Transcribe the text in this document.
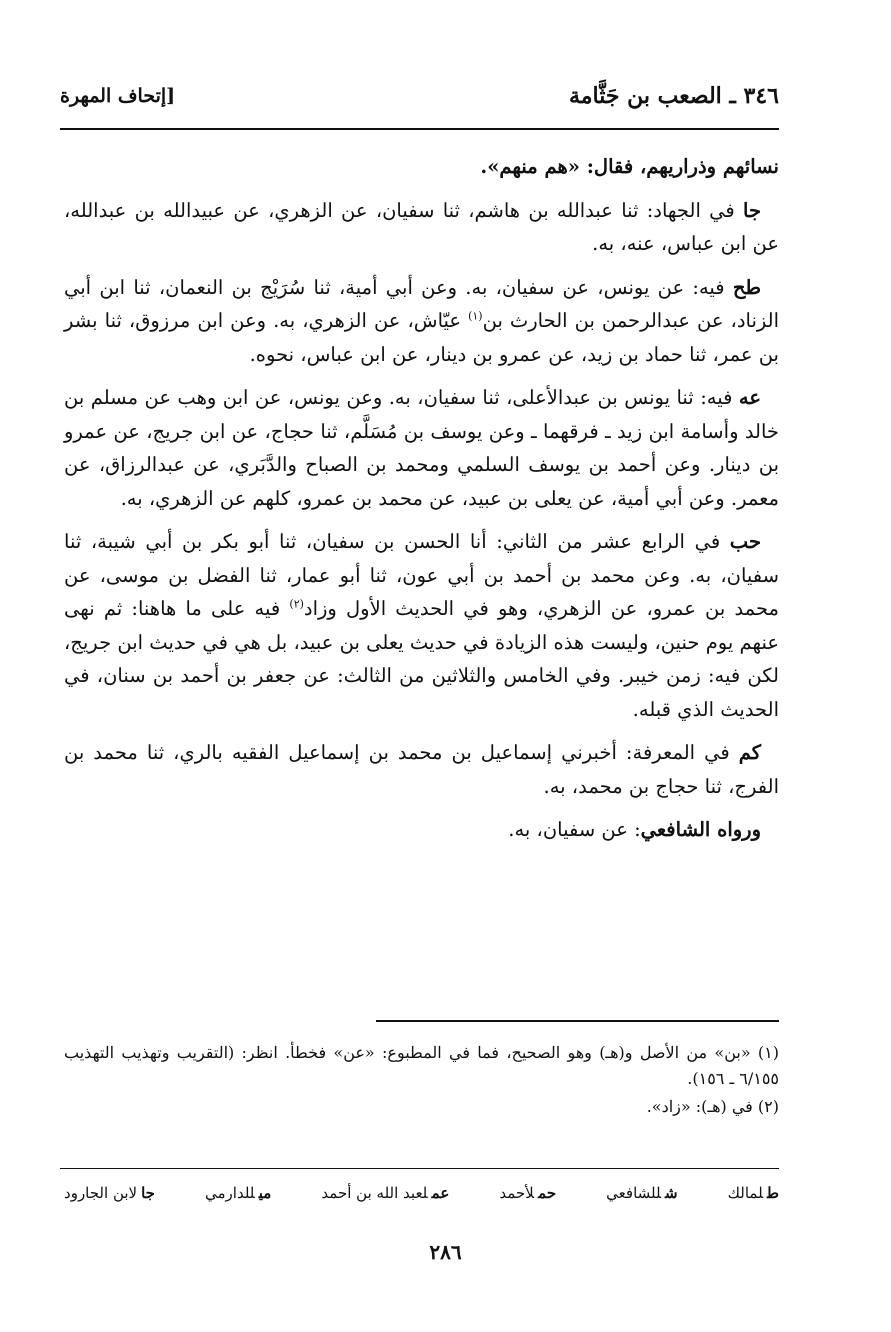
٣٤٦ ـ الصعب بن جَثَّامة
[إتحاف المهرة

نسائهم وذراريهم، فقال: «هم منهم».

جا في الجهاد: ثنا عبدالله بن هاشم، ثنا سفيان، عن الزهري، عن عبيدالله بن عبدالله، عن ابن عباس، عنه، به.

طح فيه: عن يونس، عن سفيان، به. وعن أبي أمية، ثنا سُرَيْج بن النعمان، ثنا ابن أبي الزناد، عن عبدالرحمن بن الحارث بن$^{(١)}$ عيّاش، عن الزهري، به. وعن ابن مرزوق، ثنا بشر بن عمر، ثنا حماد بن زيد، عن عمرو بن دينار، عن ابن عباس، نحوه.

عه فيه: ثنا يونس بن عبدالأعلى، ثنا سفيان، به. وعن يونس، عن ابن وهب عن مسلم بن خالد وأسامة ابن زيد ـ فرقهما ـ وعن يوسف بن مُسَلَّم، ثنا حجاج، عن ابن جريج، عن عمرو بن دينار. وعن أحمد بن يوسف السلمي ومحمد بن الصباح والدَّبَري، عن عبدالرزاق، عن معمر. وعن أبي أمية، عن يعلى بن عبيد، عن محمد بن عمرو، كلهم عن الزهري، به.

حب في الرابع عشر من الثاني: أنا الحسن بن سفيان، ثنا أبو بكر بن أبي شيبة، ثنا سفيان، به. وعن محمد بن أحمد بن أبي عون، ثنا أبو عمار، ثنا الفضل بن موسى، عن محمد بن عمرو، عن الزهري، وهو في الحديث الأول وزاد$^{(٢)}$ فيه على ما هاهنا: ثم نهى عنهم يوم حنين، وليست هذه الزيادة في حديث يعلى بن عبيد، بل هي في حديث ابن جريج، لكن فيه: زمن خيبر. وفي الخامس والثلاثين من الثالث: عن جعفر بن أحمد بن سنان، في الحديث الذي قبله.

كم في المعرفة: أخبرني إسماعيل بن محمد بن إسماعيل الفقيه بالري، ثنا محمد بن الفرج، ثنا حجاج بن محمد، به.

ورواه الشافعي: عن سفيان، به.

(١) «بن» من الأصل و(هـ) وهو الصحيح، فما في المطبوع: «عن» فخطأ. انظر: (التقريب وتهذيب التهذيب ٦/١٥٥ ـ ١٥٦).

(٢) في (هـ): «زاد».

طلمالك
شللشافعي
حملأحمد
عملعبد الله بن أحمد
ميللدارمي
جالابن الجارود
٢٨٦
